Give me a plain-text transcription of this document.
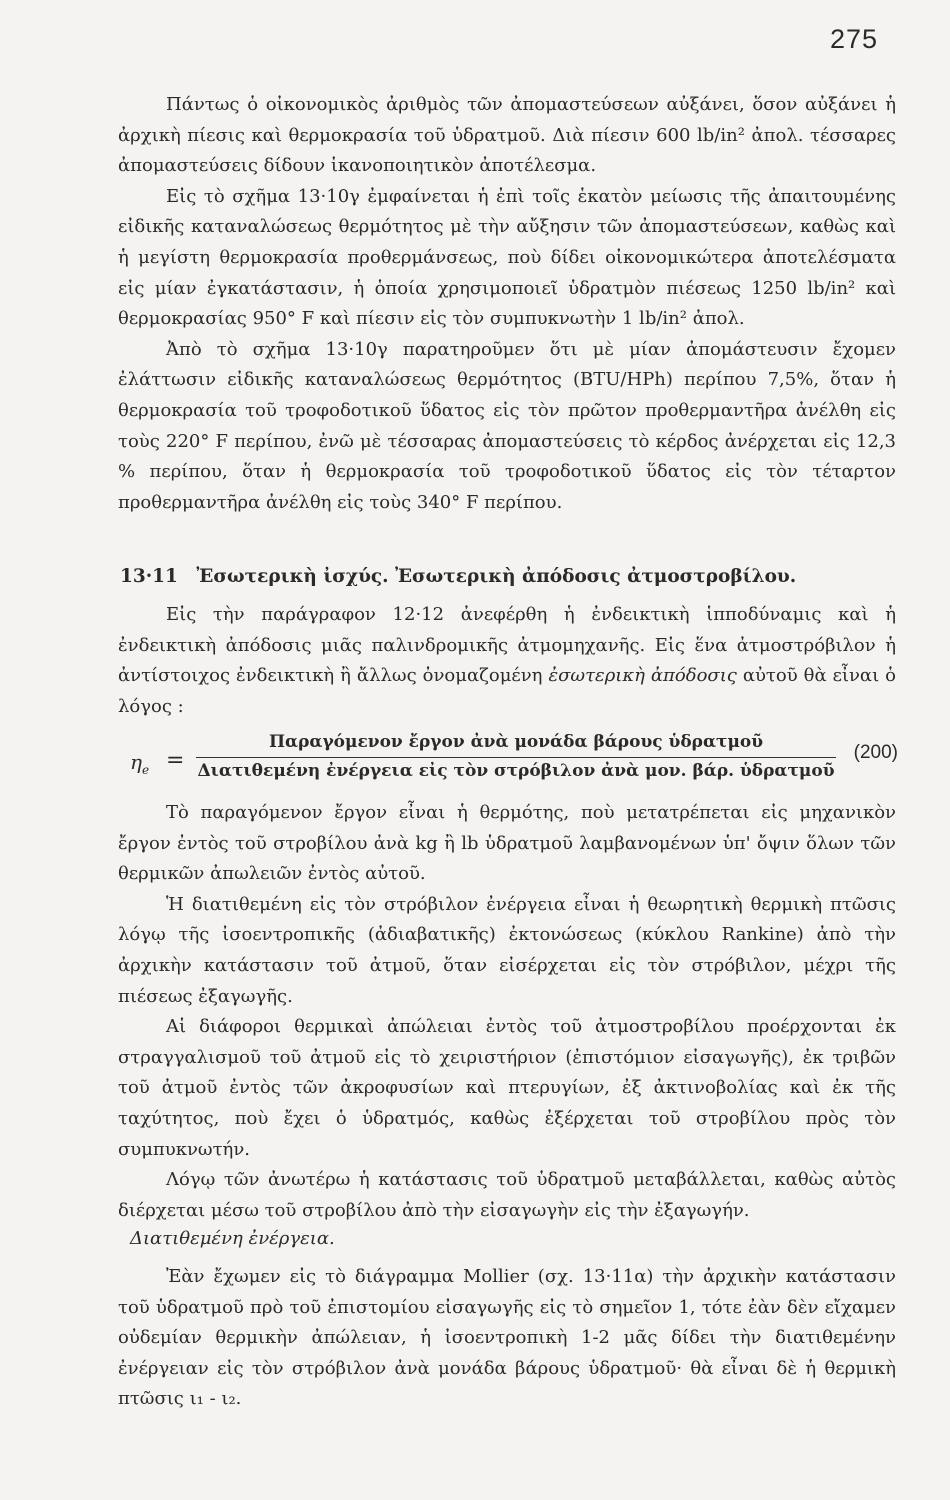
275

Πάντως ὁ οἰκονομικὸς ἀριθμὸς τῶν ἀπομαστεύσεων αὐξάνει, ὅσον αὐξάνει ἡ ἀρχικὴ πίεσις καὶ θερμοκρασία τοῦ ὑδρατμοῦ. Διὰ πίεσιν 600 lb/in² ἀπολ. τέσσαρες ἀπομαστεύσεις δίδουν ἱκανοποιητικὸν ἀποτέλεσμα.

Εἰς τὸ σχῆμα 13·10γ ἐμφαίνεται ἡ ἐπὶ τοῖς ἑκατὸν μείωσις τῆς ἀπαιτουμένης εἰδικῆς καταναλώσεως θερμότητος μὲ τὴν αὔξησιν τῶν ἀπομαστεύσεων, καθὼς καὶ ἡ μεγίστη θερμοκρασία προθερμάνσεως, ποὺ δίδει οἰκονομικώτερα ἀποτελέσματα εἰς μίαν ἐγκατάστασιν, ἡ ὁποία χρησιμοποιεῖ ὑδρατμὸν πιέσεως 1250 lb/in² καὶ θερμοκρασίας 950° F καὶ πίεσιν εἰς τὸν συμπυκνωτὴν 1 lb/in² ἀπολ.

Ἀπὸ τὸ σχῆμα 13·10γ παρατηροῦμεν ὅτι μὲ μίαν ἀπομάστευσιν ἔχομεν ἐλάττωσιν εἰδικῆς καταναλώσεως θερμότητος (BTU/HPh) περίπου 7,5%, ὅταν ἡ θερμοκρασία τοῦ τροφοδοτικοῦ ὕδατος εἰς τὸν πρῶτον προθερμαντῆρα ἀνέλθη εἰς τοὺς 220° F περίπου, ἐνῶ μὲ τέσσαρας ἀπομαστεύσεις τὸ κέρδος ἀνέρχεται εἰς 12,3 % περίπου, ὅταν ἡ θερμοκρασία τοῦ τροφοδοτικοῦ ὕδατος εἰς τὸν τέταρτον προθερμαντῆρα ἀνέλθη εἰς τοὺς 340° F περίπου.

13·11 Ἐσωτερικὴ ἰσχύς. Ἐσωτερικὴ ἀπόδοσις ἀτμοστροβίλου.

Εἰς τὴν παράγραφον 12·12 ἀνεφέρθη ἡ ἐνδεικτικὴ ἱπποδύναμις καὶ ἡ ἐνδεικτικὴ ἀπόδοσις μιᾶς παλινδρομικῆς ἀτμομηχανῆς. Εἰς ἕνα ἀτμοστρόβιλον ἡ ἀντίστοιχος ἐνδεικτικὴ ἢ ἄλλως ὀνομαζομένη ἐσωτερικὴ ἀπόδοσις αὐτοῦ θὰ εἶναι ὁ λόγος :

$\eta_e$ =
Παραγόμενον ἔργον ἀνὰ μονάδα βάρους ὑδρατμοῦ
Διατιθεμένη ἐνέργεια εἰς τὸν στρόβιλον ἀνὰ μον. βάρ. ὑδρατμοῦ
(200)

Τὸ παραγόμενον ἔργον εἶναι ἡ θερμότης, ποὺ μετατρέπεται εἰς μηχανικὸν ἔργον ἐντὸς τοῦ στροβίλου ἀνὰ kg ἢ lb ὑδρατμοῦ λαμβανομένων ὑπ' ὄψιν ὅλων τῶν θερμικῶν ἀπωλειῶν ἐντὸς αὐτοῦ.

Ἡ διατιθεμένη εἰς τὸν στρόβιλον ἐνέργεια εἶναι ἡ θεωρητικὴ θερμικὴ πτῶσις λόγῳ τῆς ἰσοεντροπικῆς (ἀδιαβατικῆς) ἐκτονώσεως (κύκλου Rankine) ἀπὸ τὴν ἀρχικὴν κατάστασιν τοῦ ἀτμοῦ, ὅταν εἰσέρχεται εἰς τὸν στρόβιλον, μέχρι τῆς πιέσεως ἐξαγωγῆς.

Αἱ διάφοροι θερμικαὶ ἀπώλειαι ἐντὸς τοῦ ἀτμοστροβίλου προέρχονται ἐκ στραγγαλισμοῦ τοῦ ἀτμοῦ εἰς τὸ χειριστήριον (ἐπιστόμιον εἰσαγωγῆς), ἐκ τριβῶν τοῦ ἀτμοῦ ἐντὸς τῶν ἀκροφυσίων καὶ πτερυγίων, ἐξ ἀκτινοβολίας καὶ ἐκ τῆς ταχύτητος, ποὺ ἔχει ὁ ὑδρατμός, καθὼς ἐξέρχεται τοῦ στροβίλου πρὸς τὸν συμπυκνωτήν.

Λόγῳ τῶν ἀνωτέρω ἡ κατάστασις τοῦ ὑδρατμοῦ μεταβάλλεται, καθὼς αὐτὸς διέρχεται μέσω τοῦ στροβίλου ἀπὸ τὴν εἰσαγωγὴν εἰς τὴν ἐξαγωγήν.

Διατιθεμένη ἐνέργεια.

Ἐὰν ἔχωμεν εἰς τὸ διάγραμμα Mollier (σχ. 13·11α) τὴν ἀρχικὴν κατάστασιν τοῦ ὑδρατμοῦ πρὸ τοῦ ἐπιστομίου εἰσαγωγῆς εἰς τὸ σημεῖον 1, τότε ἐὰν δὲν εἴχαμεν οὐδεμίαν θερμικὴν ἀπώλειαν, ἡ ἰσοεντροπικὴ 1-2 μᾶς δίδει τὴν διατιθεμένην ἐνέργειαν εἰς τὸν στρόβιλον ἀνὰ μονάδα βάρους ὑδρατμοῦ· θὰ εἶναι δὲ ἡ θερμικὴ πτῶσις ι₁ - ι₂.
